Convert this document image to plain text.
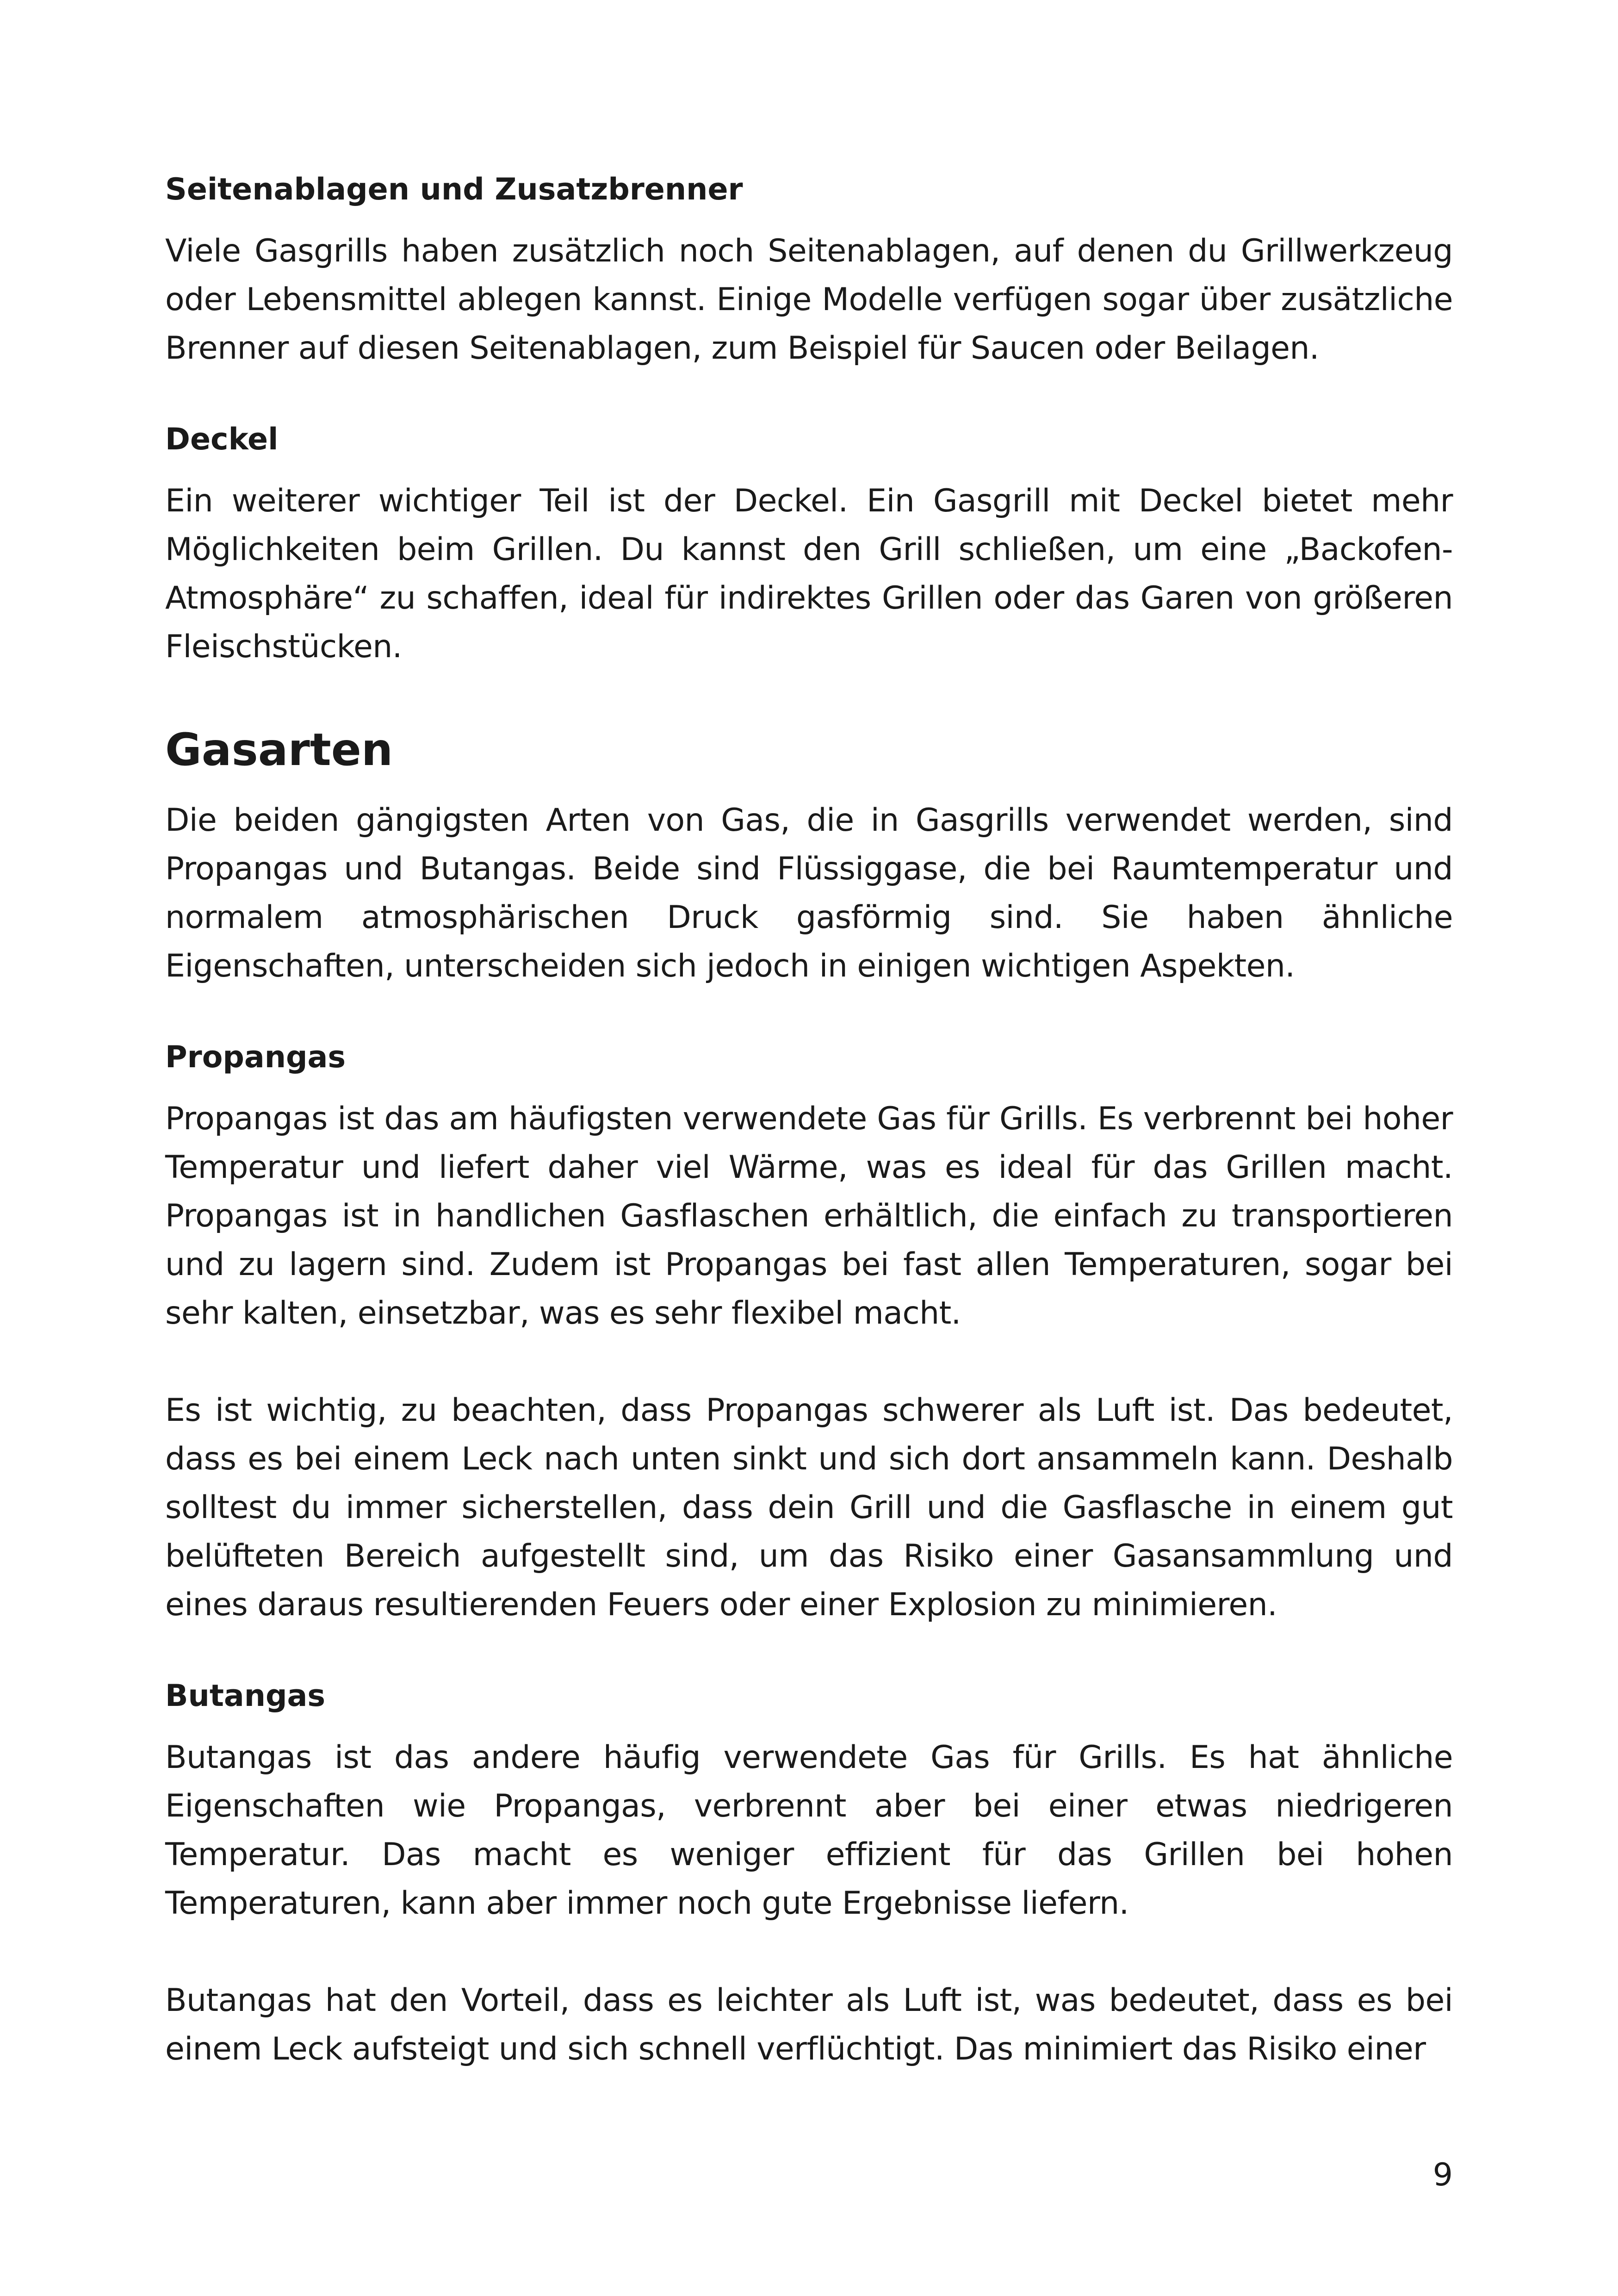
Seitenablagen und Zusatzbrenner

Viele Gasgrills haben zusätzlich noch Seitenablagen, auf denen du Grillwerkzeug oder Lebensmittel ablegen kannst. Einige Modelle verfügen sogar über zusätzliche Brenner auf diesen Seitenablagen, zum Beispiel für Saucen oder Beilagen.

Deckel

Ein weiterer wichtiger Teil ist der Deckel. Ein Gasgrill mit Deckel bietet mehr Möglichkeiten beim Grillen. Du kannst den Grill schließen, um eine „Backofen-Atmosphäre“ zu schaffen, ideal für indirektes Grillen oder das Garen von größeren Fleischstücken.

Gasarten

Die beiden gängigsten Arten von Gas, die in Gasgrills verwendet werden, sind Propangas und Butangas. Beide sind Flüssiggase, die bei Raumtemperatur und normalem atmosphärischen Druck gasförmig sind. Sie haben ähnliche Eigenschaften, unterscheiden sich jedoch in einigen wichtigen Aspekten.

Propangas

Propangas ist das am häufigsten verwendete Gas für Grills. Es verbrennt bei hoher Temperatur und liefert daher viel Wärme, was es ideal für das Grillen macht. Propangas ist in handlichen Gasflaschen erhältlich, die einfach zu transportieren und zu lagern sind. Zudem ist Propangas bei fast allen Temperaturen, sogar bei sehr kalten, einsetzbar, was es sehr flexibel macht.

Es ist wichtig, zu beachten, dass Propangas schwerer als Luft ist. Das bedeutet, dass es bei einem Leck nach unten sinkt und sich dort ansammeln kann. Deshalb solltest du immer sicherstellen, dass dein Grill und die Gasflasche in einem gut belüfteten Bereich aufgestellt sind, um das Risiko einer Gasansammlung und eines daraus resultierenden Feuers oder einer Explosion zu minimieren.

Butangas

Butangas ist das andere häufig verwendete Gas für Grills. Es hat ähnliche Eigenschaften wie Propangas, verbrennt aber bei einer etwas niedrigeren Temperatur. Das macht es weniger effizient für das Grillen bei hohen Temperaturen, kann aber immer noch gute Ergebnisse liefern.

Butangas hat den Vorteil, dass es leichter als Luft ist, was bedeutet, dass es bei einem Leck aufsteigt und sich schnell verflüchtigt. Das minimiert das Risiko einer

9
